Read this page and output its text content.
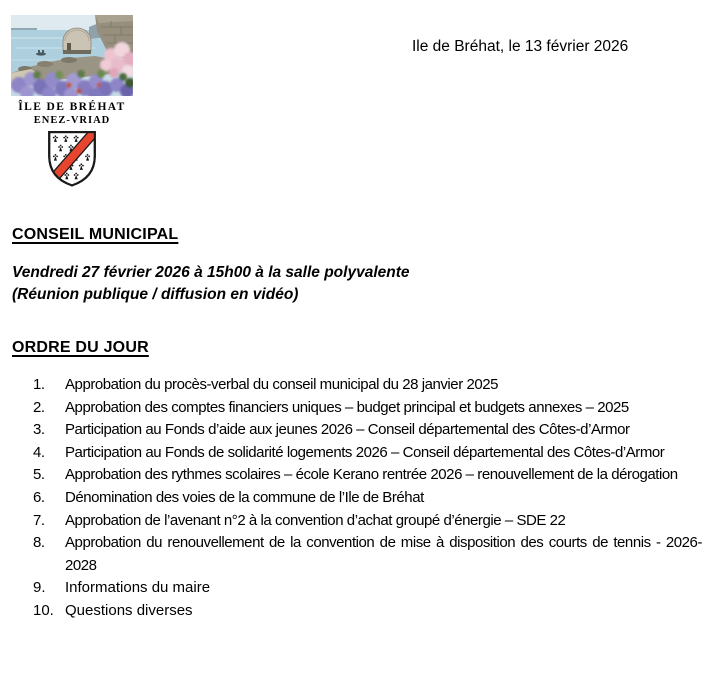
ÎLE DE BRÉHAT
ENEZ-VRIAD
Ile de Bréhat, le 13 février 2026
CONSEIL MUNICIPAL
Vendredi 27 février 2026 à 15h00 à la salle polyvalente
(Réunion publique / diffusion en vidéo)
ORDRE DU JOUR
1.	Approbation du procès-verbal du conseil municipal du 28 janvier 2025
2.	Approbation des comptes financiers uniques – budget principal et budgets annexes – 2025
3.	Participation au Fonds d’aide aux jeunes 2026 – Conseil départemental des Côtes-d’Armor
4.	Participation au Fonds de solidarité logements 2026 – Conseil départemental des Côtes-d’Armor
5.	Approbation des rythmes scolaires – école Kerano rentrée 2026 – renouvellement de la dérogation
6.	Dénomination des voies de la commune de l’Ile de Bréhat
7.	Approbation de l’avenant n°2 à la convention d’achat groupé d’énergie – SDE 22
8.	Approbation du renouvellement de la convention de mise à disposition des courts de tennis - 2026-2028
9.	Informations du maire
10. Questions diverses
